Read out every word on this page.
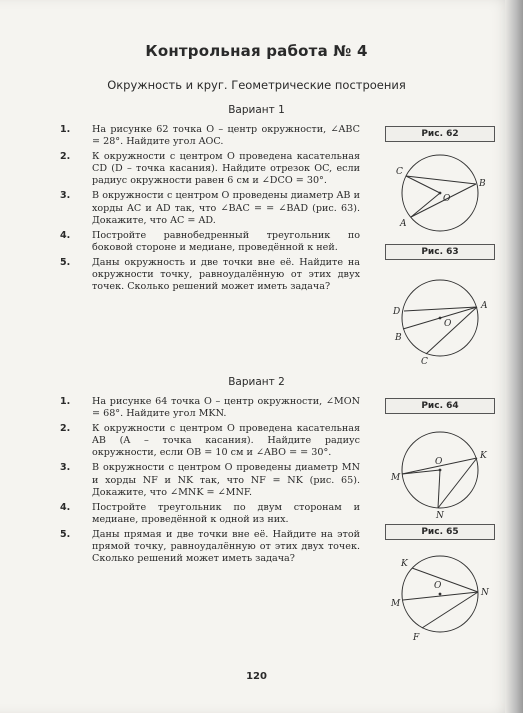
Контрольная работа № 4
Окружность и круг. Геометрические построения
Вариант 1
1. На рисунке 62 точка O – центр окружности, ∠ABC = 28°. Найдите угол AOC.
2. К окружности с центром O проведена касательная CD (D – точка касания). Найдите отрезок OC, если радиус окружности равен 6 см и ∠DCO = 30°.
3. В окружности с центром O проведены диаметр AB и хорды AC и AD так, что ∠BAC = = ∠BAD (рис. 63). Докажите, что AC = AD.
4. Постройте равнобедренный треугольник по боковой стороне и медиане, проведённой к ней.
5. Даны окружность и две точки вне её. Найдите на окружности точку, равноудалённую от этих двух точек. Сколько решений может иметь задача?
Вариант 2
1. На рисунке 64 точка O – центр окружности, ∠MON = 68°. Найдите угол MKN.
2. К окружности с центром O проведена касательная AB (A – точка касания). Найдите радиус окружности, если OB = 10 см и ∠ABO = = 30°.
3. В окружности с центром O проведены диаметр MN и хорды NF и NK так, что NF = NK (рис. 65). Докажите, что ∠MNK = ∠MNF.
4. Постройте треугольник по двум сторонам и медиане, проведённой к одной из них.
5. Даны прямая и две точки вне её. Найдите на этой прямой точку, равноудалённую от этих двух точек. Сколько решений может иметь задача?
Рис. 62
C
B
O
A
Рис. 63
A
D
O
B
C
Рис. 64
K
O
M
N
Рис. 65
K
O
N
M
F
120
